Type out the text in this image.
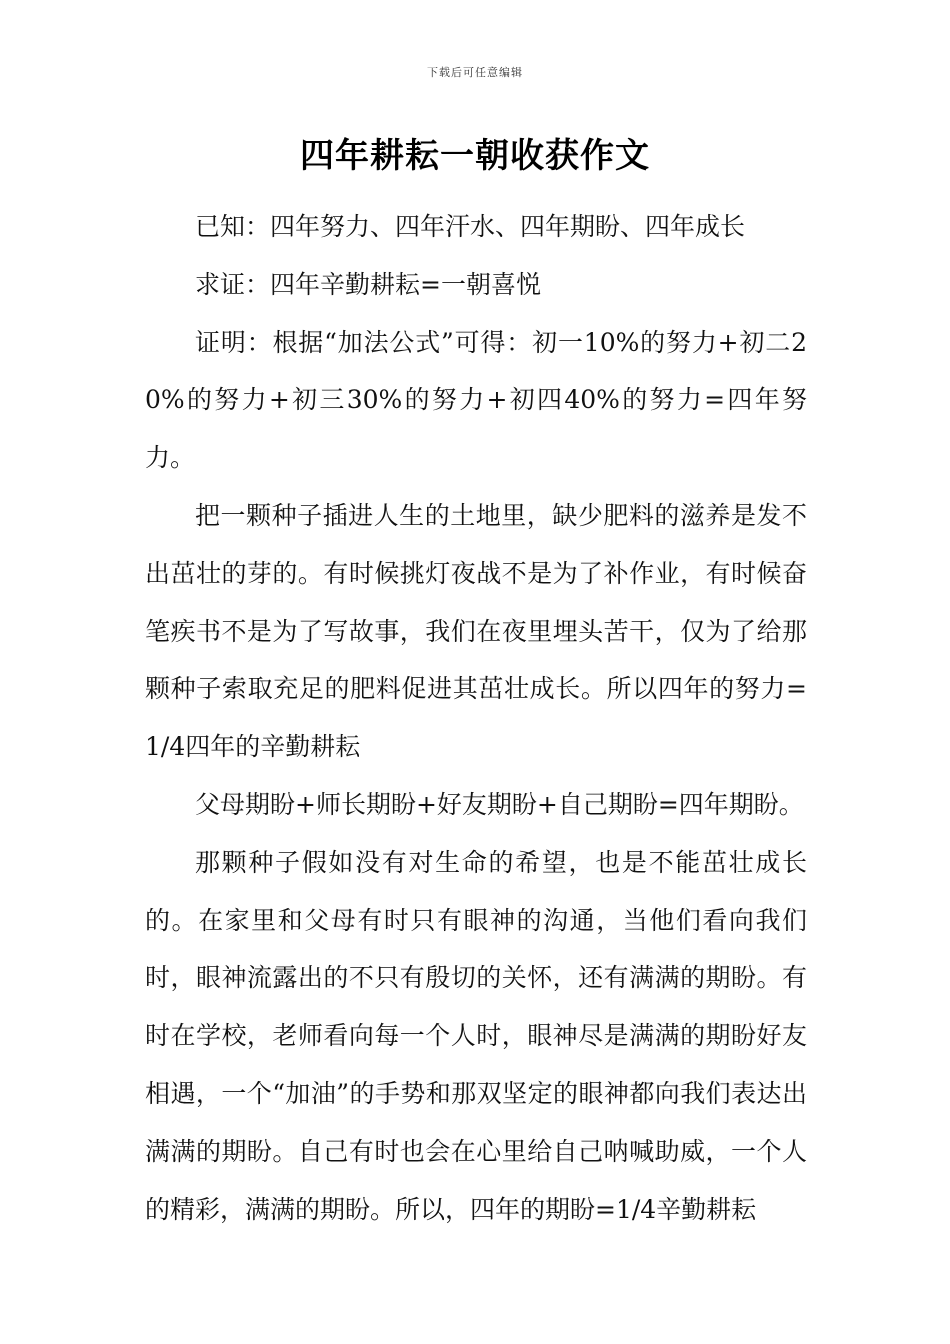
下载后可任意编辑
四年耕耘一朝收获作文

已知：四年努力、四年汗水、四年期盼、四年成长

求证：四年辛勤耕耘=一朝喜悦

证明：根据“加法公式”可得：初一10%的努力+初二20%的努力+初三30%的努力+初四40%的努力=四年努力。

把一颗种子插进人生的土地里，缺少肥料的滋养是发不出茁壮的芽的。有时候挑灯夜战不是为了补作业，有时候奋笔疾书不是为了写故事，我们在夜里埋头苦干，仅为了给那颗种子索取充足的肥料促进其茁壮成长。所以四年的努力=1/4四年的辛勤耕耘

父母期盼+师长期盼+好友期盼+自己期盼=四年期盼。

那颗种子假如没有对生命的希望，也是不能茁壮成长的。在家里和父母有时只有眼神的沟通，当他们看向我们时，眼神流露出的不只有殷切的关怀，还有满满的期盼。有时在学校，老师看向每一个人时，眼神尽是满满的期盼好友相遇，一个“加油”的手势和那双坚定的眼神都向我们表达出满满的期盼。自己有时也会在心里给自己呐喊助威，一个人的精彩，满满的期盼。所以，四年的期盼=1/4辛勤耕耘
